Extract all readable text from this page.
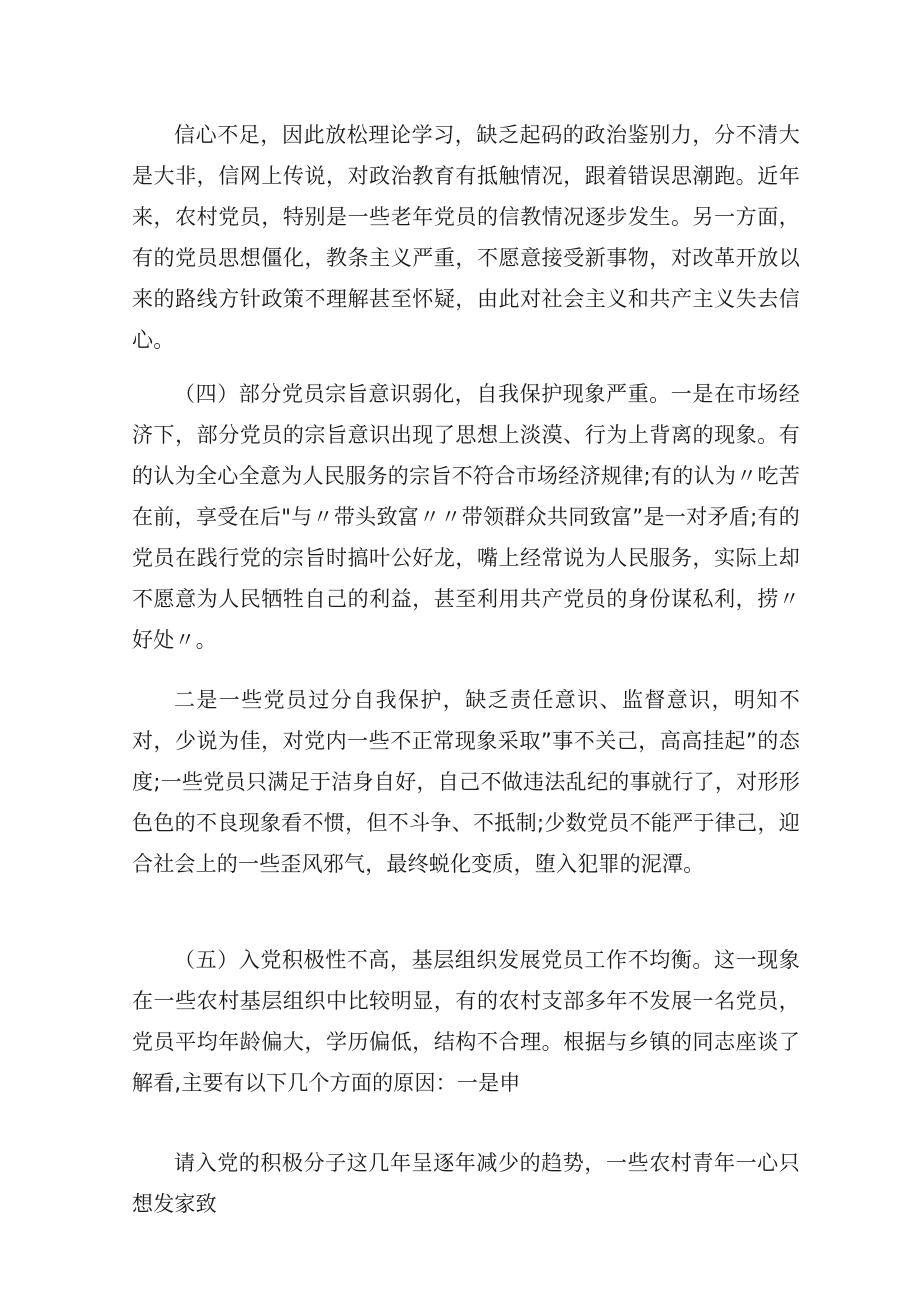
信心不足，因此放松理论学习，缺乏起码的政治鉴别力，分不清大是大非，信网上传说，对政治教育有抵触情况，跟着错误思潮跑。近年来，农村党员，特别是一些老年党员的信教情况逐步发生。另一方面，有的党员思想僵化，教条主义严重，不愿意接受新事物，对改革开放以来的路线方针政策不理解甚至怀疑，由此对社会主义和共产主义失去信心。

（四）部分党员宗旨意识弱化，自我保护现象严重。一是在市场经济下，部分党员的宗旨意识出现了思想上淡漠、行为上背离的现象。有的认为全心全意为人民服务的宗旨不符合市场经济规律;有的认为〃吃苦在前，享受在后"与〃带头致富〃〃带领群众共同致富”是一对矛盾;有的党员在践行党的宗旨时搞叶公好龙，嘴上经常说为人民服务，实际上却不愿意为人民牺牲自己的利益，甚至利用共产党员的身份谋私利，捞〃好处〃。

二是一些党员过分自我保护，缺乏责任意识、监督意识，明知不对，少说为佳，对党内一些不正常现象采取”事不关己，高高挂起”的态度;一些党员只满足于洁身自好，自己不做违法乱纪的事就行了，对形形色色的不良现象看不惯，但不斗争、不抵制;少数党员不能严于律己，迎合社会上的一些歪风邪气，最终蜕化变质，堕入犯罪的泥潭。

（五）入党积极性不高，基层组织发展党员工作不均衡。这一现象在一些农村基层组织中比较明显，有的农村支部多年不发展一名党员，党员平均年龄偏大，学历偏低，结构不合理。根据与乡镇的同志座谈了解看,主要有以下几个方面的原因：一是申

请入党的积极分子这几年呈逐年减少的趋势，一些农村青年一心只想发家致
